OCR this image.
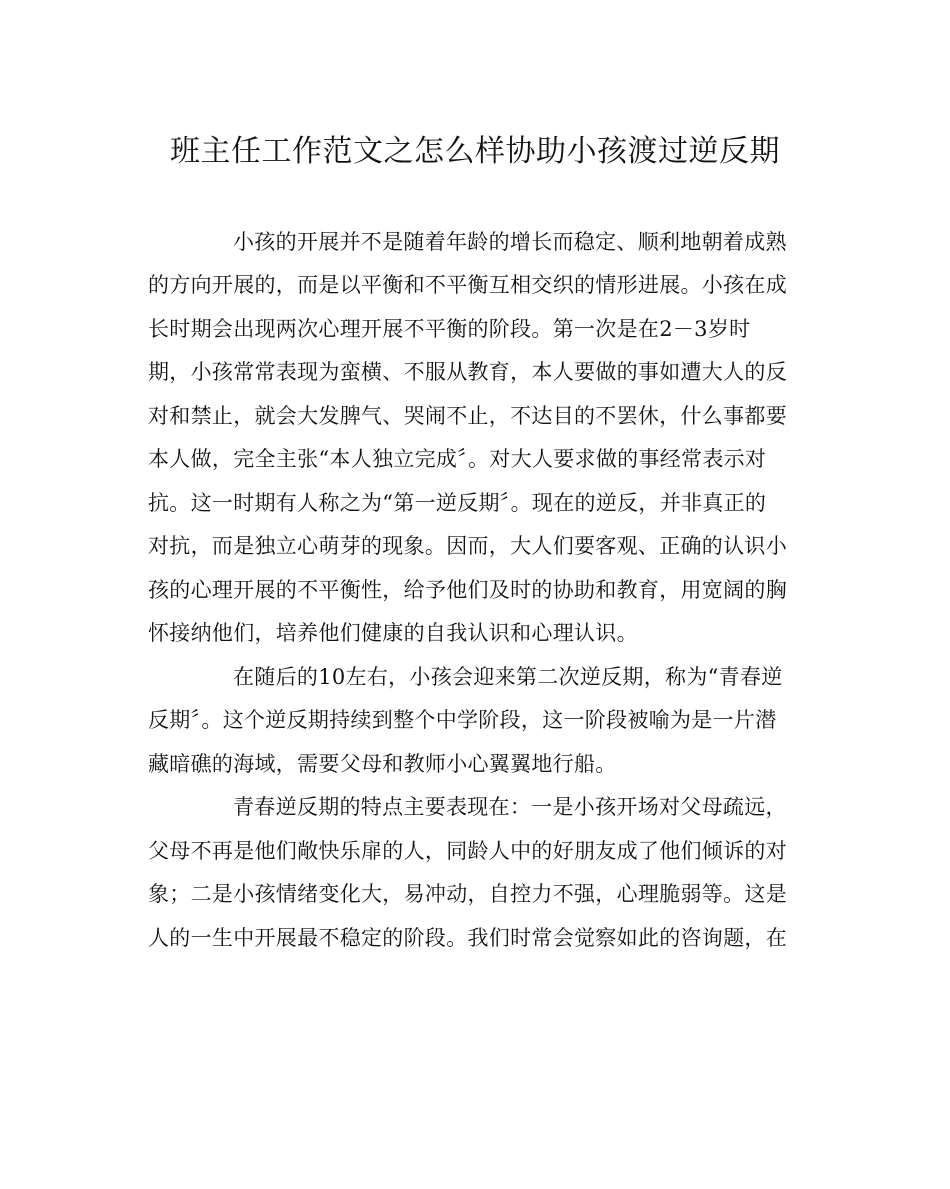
班主任工作范文之怎么样协助小孩渡过逆反期
小孩的开展并不是随着年龄的增长而稳定、顺利地朝着成熟
的方向开展的，而是以平衡和不平衡互相交织的情形进展。小孩在成
长时期会出现两次心理开展不平衡的阶段。第一次是在2－3岁时
期，小孩常常表现为蛮横、不服从教育，本人要做的事如遭大人的反
对和禁止，就会大发脾气、哭闹不止，不达目的不罢休，什么事都要
本人做，完全主张“本人独立完成〞。对大人要求做的事经常表示对
抗。这一时期有人称之为“第一逆反期〞。现在的逆反，并非真正的
对抗，而是独立心萌芽的现象。因而，大人们要客观、正确的认识小
孩的心理开展的不平衡性，给予他们及时的协助和教育，用宽阔的胸
怀接纳他们，培养他们健康的自我认识和心理认识。
在随后的10左右，小孩会迎来第二次逆反期，称为“青春逆
反期〞。这个逆反期持续到整个中学阶段，这一阶段被喻为是一片潜
藏暗礁的海域，需要父母和教师小心翼翼地行船。
青春逆反期的特点主要表现在：一是小孩开场对父母疏远，
父母不再是他们敞快乐扉的人，同龄人中的好朋友成了他们倾诉的对
象；二是小孩情绪变化大，易冲动，自控力不强，心理脆弱等。这是
人的一生中开展最不稳定的阶段。我们时常会觉察如此的咨询题，在
